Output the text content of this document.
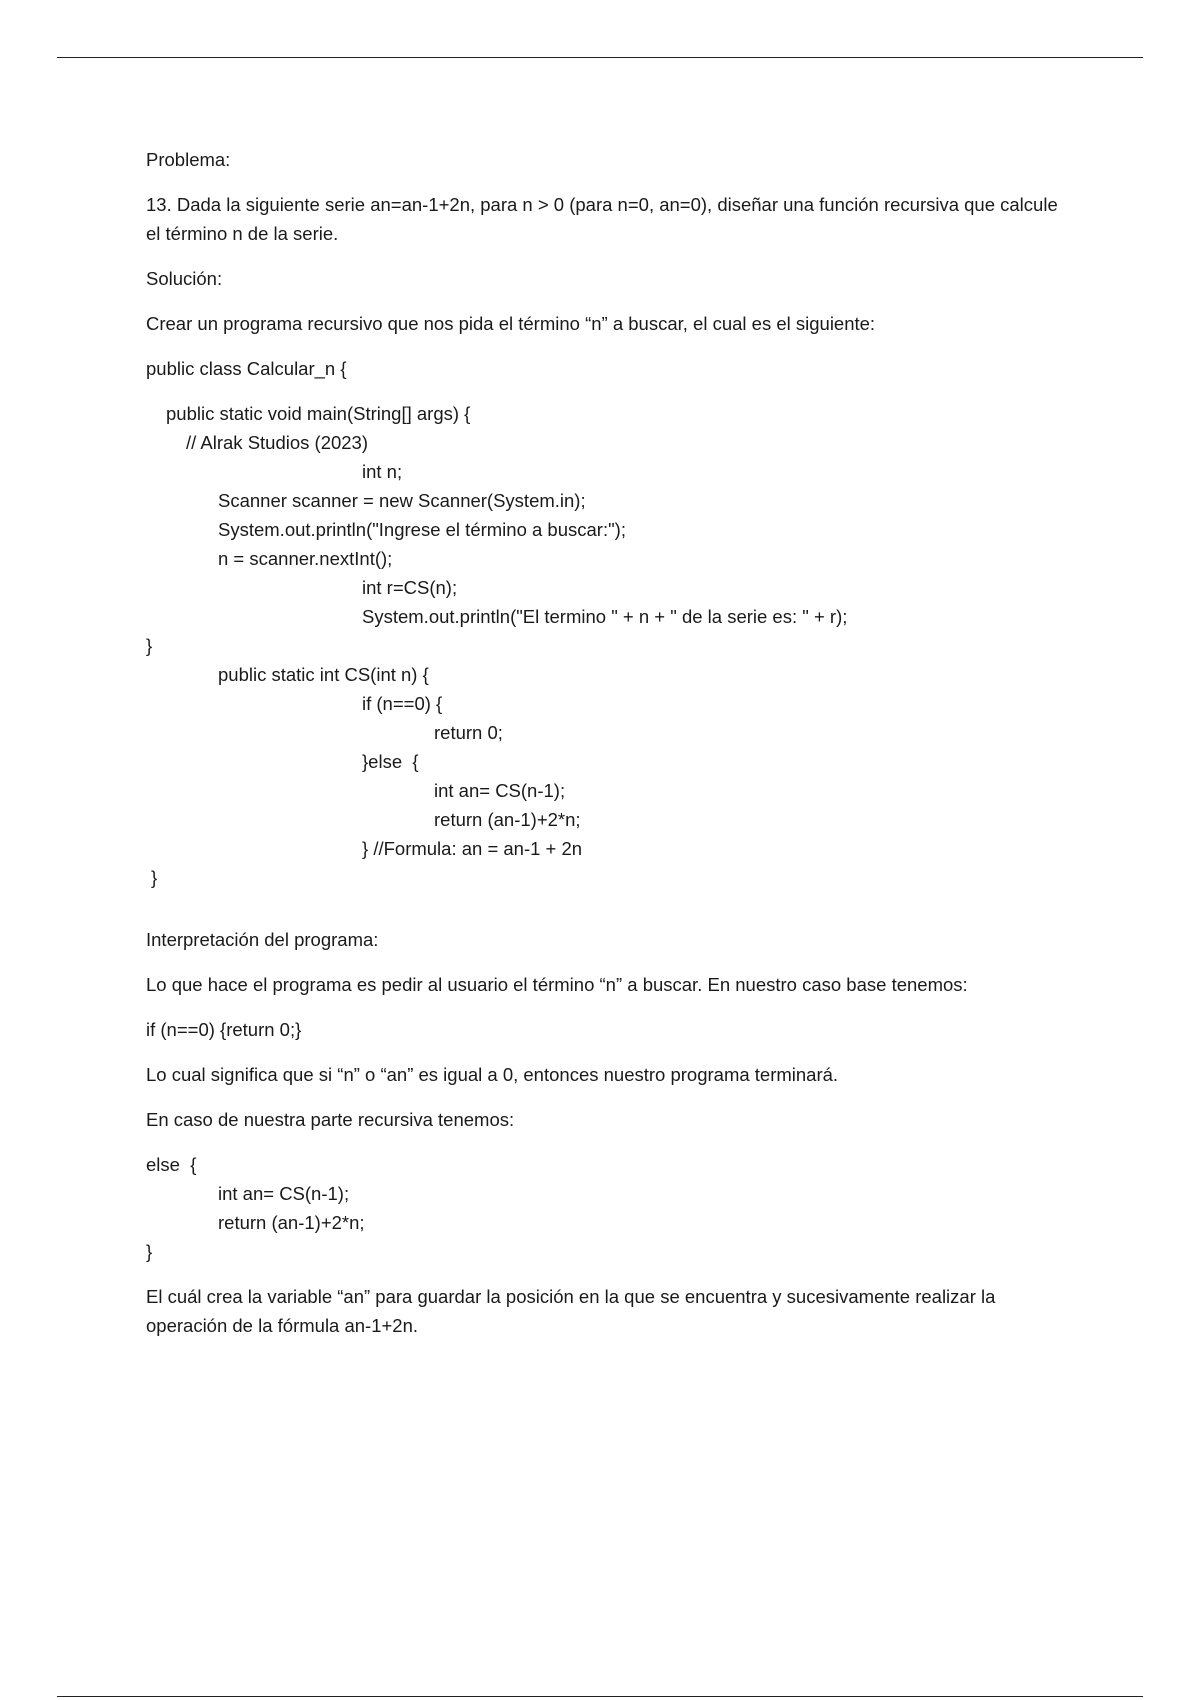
Problema:

13. Dada la siguiente serie an=an-1+2n, para n > 0 (para n=0, an=0), diseñar una función recursiva que calcule el término n de la serie.

Solución:

Crear un programa recursivo que nos pida el término “n” a buscar, el cual es el siguiente:

public class Calcular_n {

public static void main(String[] args) {

// Alrak Studios (2023)

int n;

Scanner scanner = new Scanner(System.in);

System.out.println("Ingrese el término a buscar:");

n = scanner.nextInt();

int r=CS(n);

System.out.println("El termino " + n + " de la serie es: " + r);

}

public static int CS(int n) {

if (n==0) {

return 0;

}else  {

int an= CS(n-1);

return (an-1)+2*n;

} //Formula: an = an-1 + 2n

}

Interpretación del programa:

Lo que hace el programa es pedir al usuario el término “n” a buscar. En nuestro caso base tenemos:

if (n==0) {return 0;}

Lo cual significa que si “n” o “an” es igual a 0, entonces nuestro programa terminará.

En caso de nuestra parte recursiva tenemos:

else  {

int an= CS(n-1);

return (an-1)+2*n;

}

El cuál crea la variable “an” para guardar la posición en la que se encuentra y sucesivamente realizar la operación de la fórmula an-1+2n.
